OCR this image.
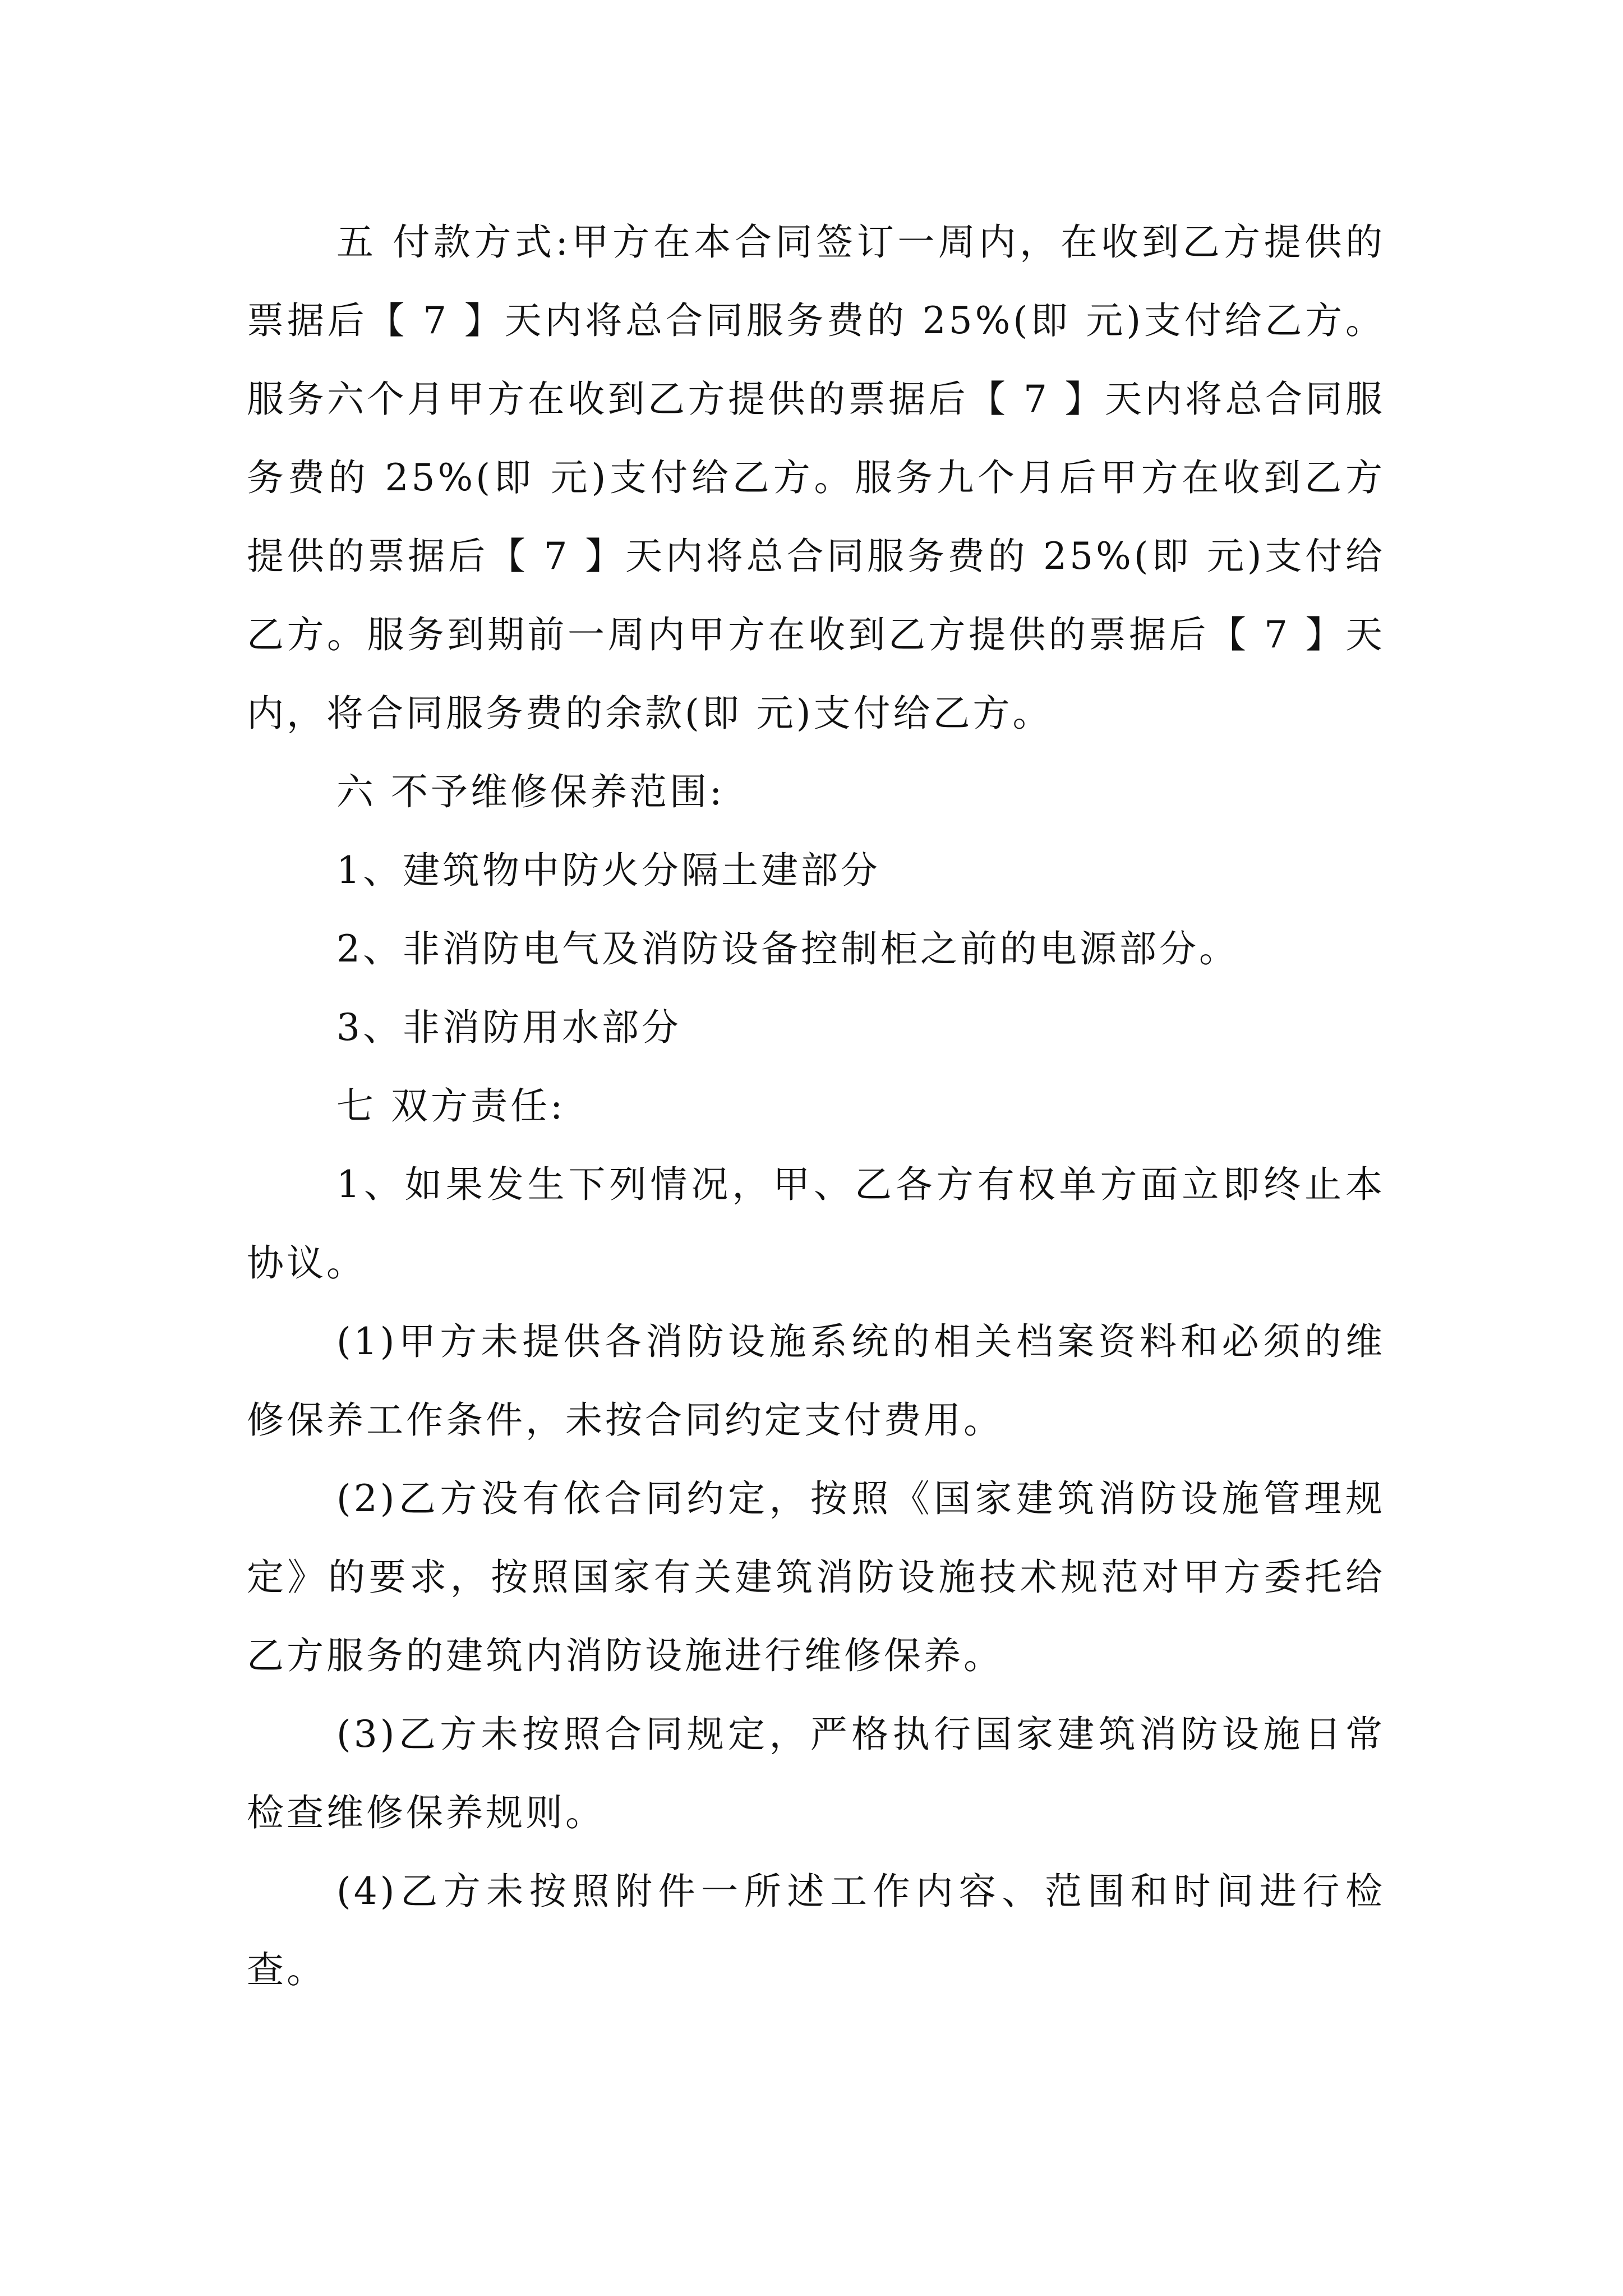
五 付款方式:甲方在本合同签订一周内，在收到乙方提供的票据后【 7 】天内将总合同服务费的 25%(即 元)支付给乙方。服务六个月甲方在收到乙方提供的票据后【 7 】天内将总合同服务费的 25%(即 元)支付给乙方。服务九个月后甲方在收到乙方提供的票据后【 7 】天内将总合同服务费的 25%(即 元)支付给乙方。服务到期前一周内甲方在收到乙方提供的票据后【 7 】天内，将合同服务费的余款(即 元)支付给乙方。

六 不予维修保养范围:

1、建筑物中防火分隔土建部分

2、非消防电气及消防设备控制柜之前的电源部分。

3、非消防用水部分

七 双方责任:

1、如果发生下列情况，甲、乙各方有权单方面立即终止本协议。

(1)甲方未提供各消防设施系统的相关档案资料和必须的维修保养工作条件，未按合同约定支付费用。

(2)乙方没有依合同约定，按照《国家建筑消防设施管理规定》的要求，按照国家有关建筑消防设施技术规范对甲方委托给乙方服务的建筑内消防设施进行维修保养。

(3)乙方未按照合同规定，严格执行国家建筑消防设施日常检查维修保养规则。

(4)乙方未按照附件一所述工作内容、范围和时间进行检查。
